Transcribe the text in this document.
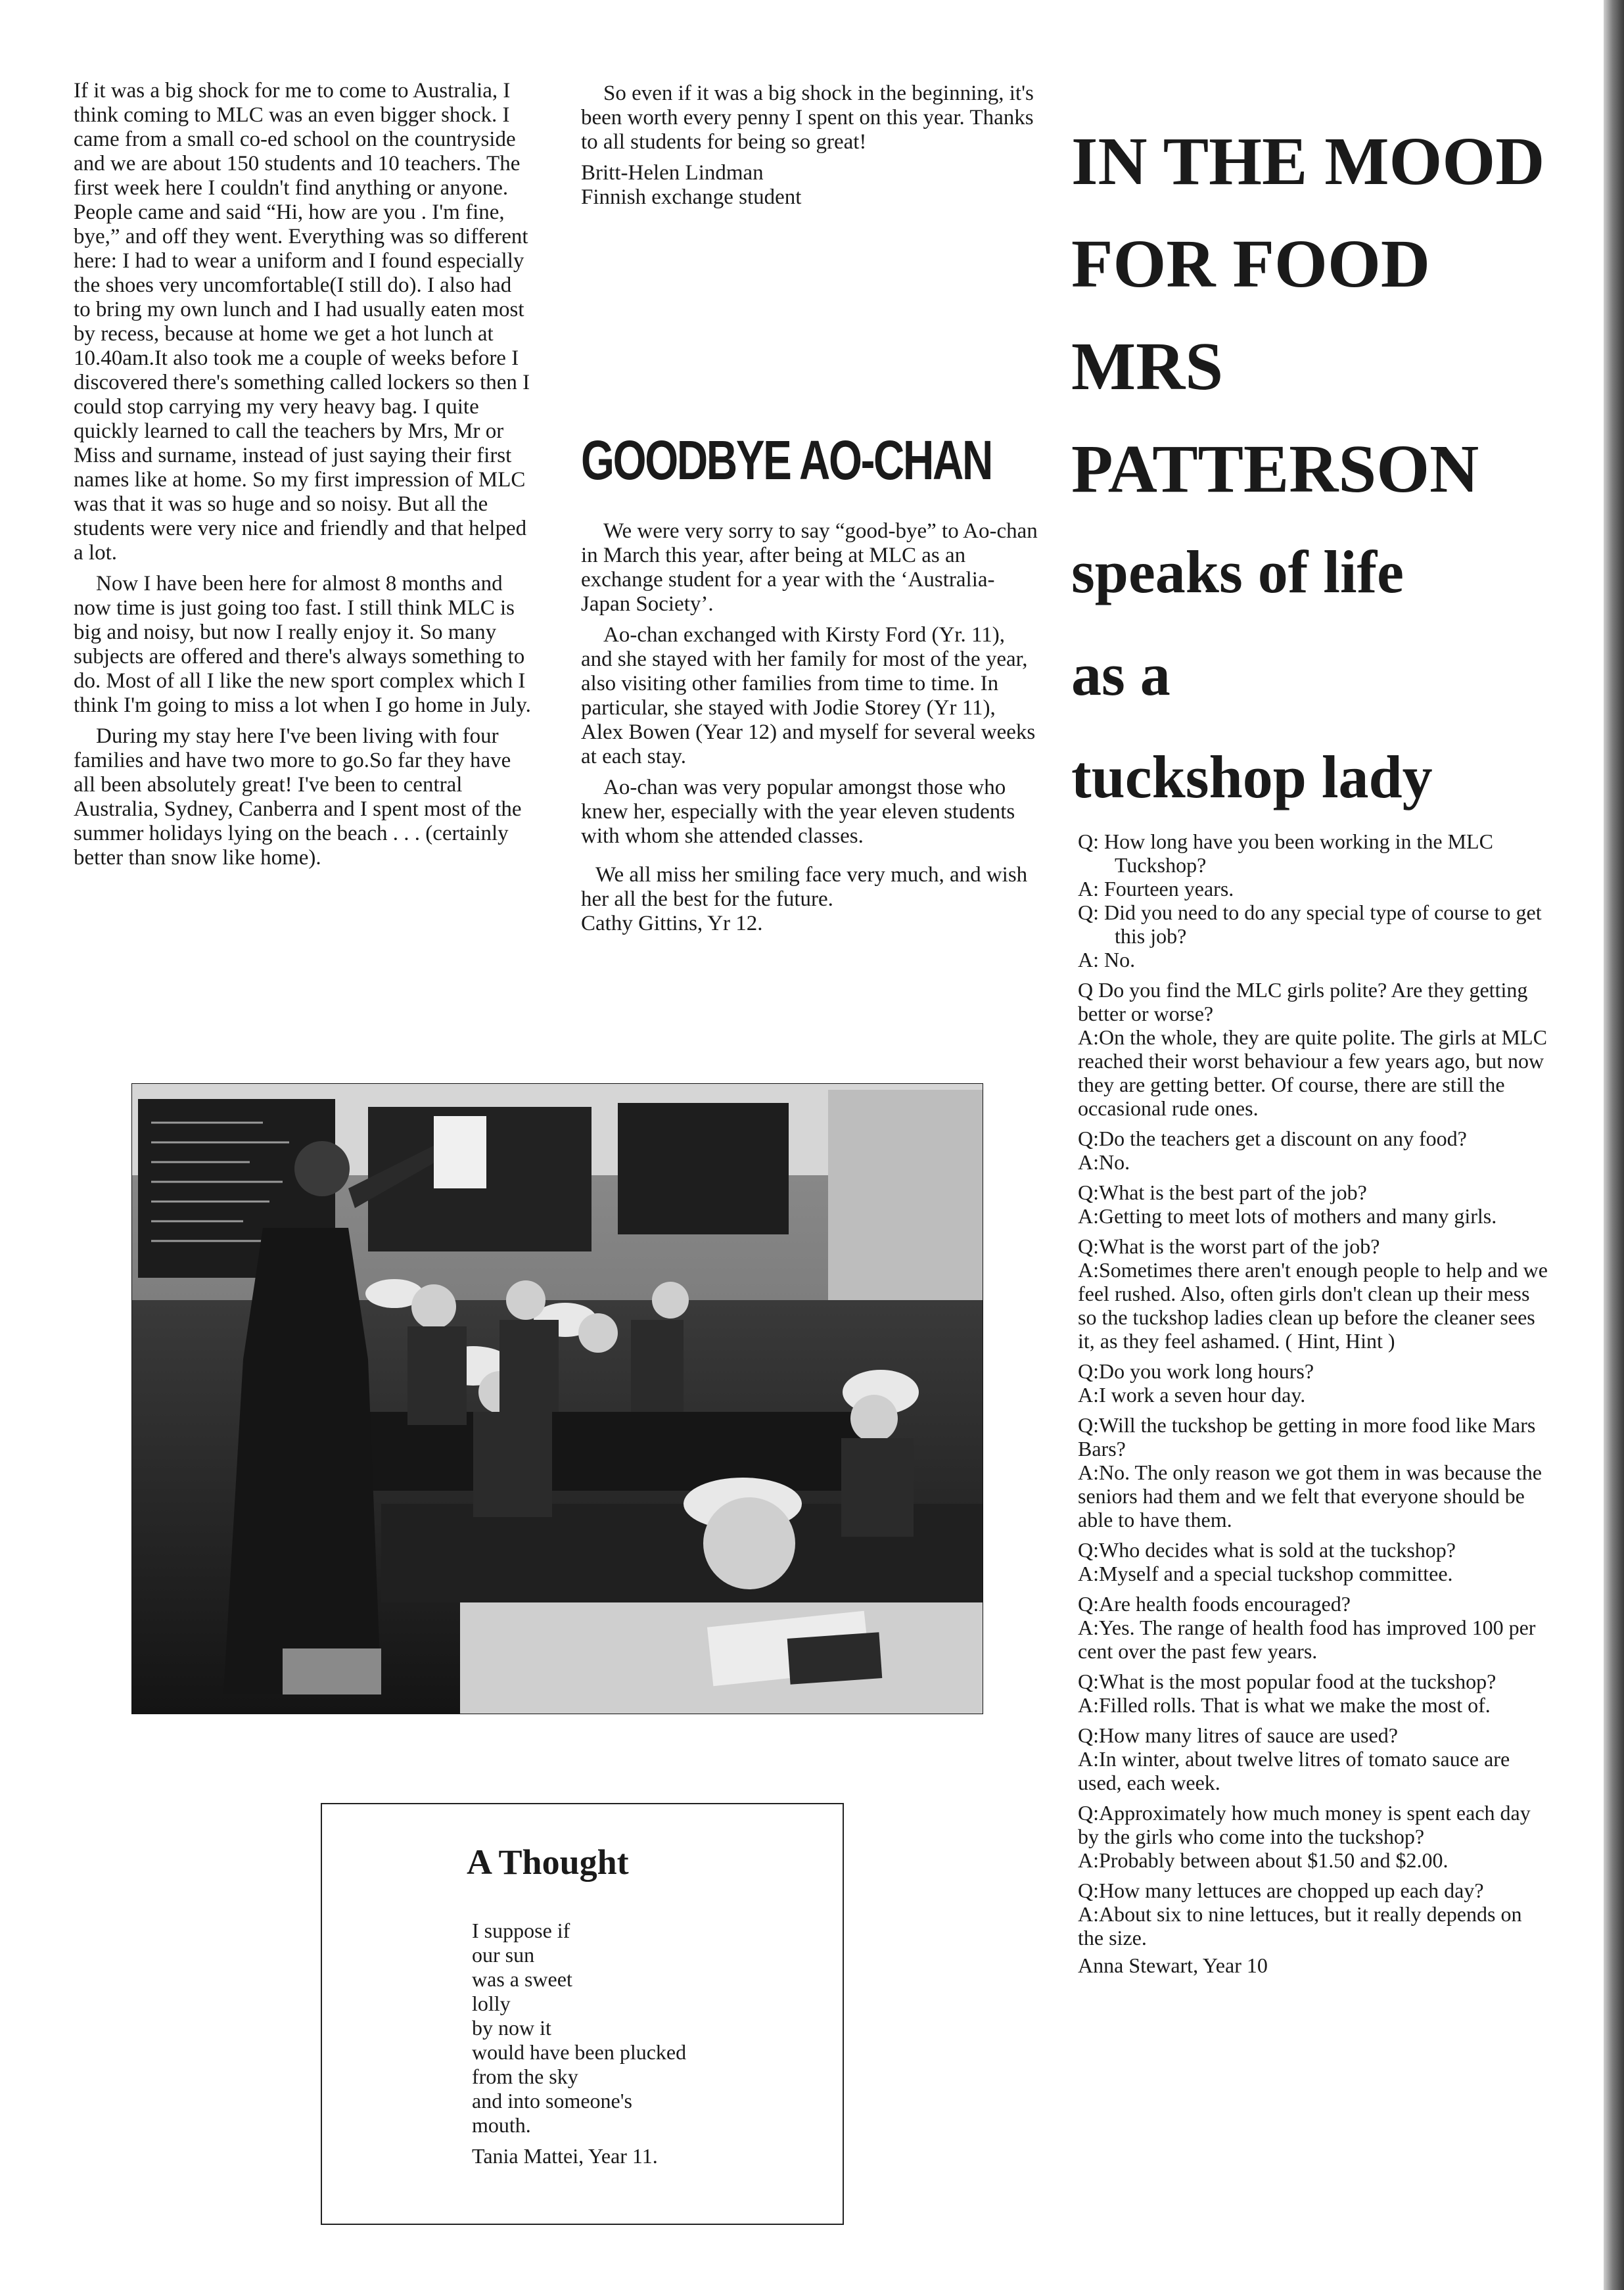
If it was a big shock for me to come to Australia, I think coming to MLC was an even bigger shock. I came from a small co-ed school on the countryside and we are about 150 students and 10 teachers. The first week here I couldn't find anything or anyone. People came and said “Hi, how are you . I'm fine, bye,” and off they went. Everything was so different here: I had to wear a uniform and I found especially the shoes very uncomfortable(I still do). I also had to bring my own lunch and I had usually eaten most by recess, because at home we get a hot lunch at 10.40am.It also took me a couple of weeks before I discovered there's something called lockers so then I could stop carrying my very heavy bag. I quite quickly learned to call the teachers by Mrs, Mr or Miss and surname, instead of just saying their first names like at home. So my first impression of MLC was that it was so huge and so noisy. But all the students were very nice and friendly and that helped a lot.

Now I have been here for almost 8 months and now time is just going too fast. I still think MLC is big and noisy, but now I really enjoy it. So many subjects are offered and there's always something to do. Most of all I like the new sport complex which I think I'm going to miss a lot when I go home in July.

During my stay here I've been living with four families and have two more to go.So far they have all been absolutely great! I've been to central Australia, Sydney, Canberra and I spent most of the summer holidays lying on the beach . . . (certainly better than snow like home).

So even if it was a big shock in the beginning, it's been worth every penny I spent on this year. Thanks to all students for being so great!

Britt-Helen Lindman
Finnish exchange student
GOODBYE AO-CHAN

We were very sorry to say “good-bye” to Ao-chan in March this year, after being at MLC as an exchange student for a year with the ‘Australia-Japan Society’.

Ao-chan exchanged with Kirsty Ford (Yr. 11), and she stayed with her family for most of the year, also visiting other families from time to time. In particular, she stayed with Jodie Storey (Yr 11), Alex Bowen (Year 12) and myself for several weeks at each stay.

Ao-chan was very popular amongst those who knew her, especially with the year eleven students with whom she attended classes.

We all miss her smiling face very much, and wish her all the best for the future.

Cathy Gittins, Yr 12.
IN THE MOOD
FOR FOOD
MRS
PATTERSON
speaks of life
as a
tuckshop lady
Q: How long have you been working in the MLC Tuckshop?
A: Fourteen years.
Q: Did you need to do any special type of course to get this job?
A: No.
Q Do you find the MLC girls polite? Are they getting better or worse?
A:On the whole, they are quite polite. The girls at MLC reached their worst behaviour a few years ago, but now they are getting better. Of course, there are still the occasional rude ones.
Q:Do the teachers get a discount on any food?
A:No.
Q:What is the best part of the job?
A:Getting to meet lots of mothers and many girls.
Q:What is the worst part of the job?
A:Sometimes there aren't enough people to help and we feel rushed. Also, often girls don't clean up their mess so the tuckshop ladies clean up before the cleaner sees it, as they feel ashamed. ( Hint, Hint )
Q:Do you work long hours?
A:I work a seven hour day.
Q:Will the tuckshop be getting in more food like Mars Bars?
A:No. The only reason we got them in was because the seniors had them and we felt that everyone should be able to have them.
Q:Who decides what is sold at the tuckshop?
A:Myself and a special tuckshop committee.
Q:Are health foods encouraged?
A:Yes. The range of health food has improved 100 per cent over the past few years.
Q:What is the most popular food at the tuckshop?
A:Filled rolls. That is what we make the most of.
Q:How many litres of sauce are used?
A:In winter, about twelve litres of tomato sauce are used, each week.
Q:Approximately how much money is spent each day by the girls who come into the tuckshop?
A:Probably between about $1.50 and $2.00.
Q:How many lettuces are chopped up each day?
A:About six to nine lettuces, but it really depends on the size.
Anna Stewart, Year 10
A Thought
I suppose if
our sun
was a sweet
lolly
by now it
would have been plucked
from the sky
and into someone's
mouth.
Tania Mattei, Year 11.
